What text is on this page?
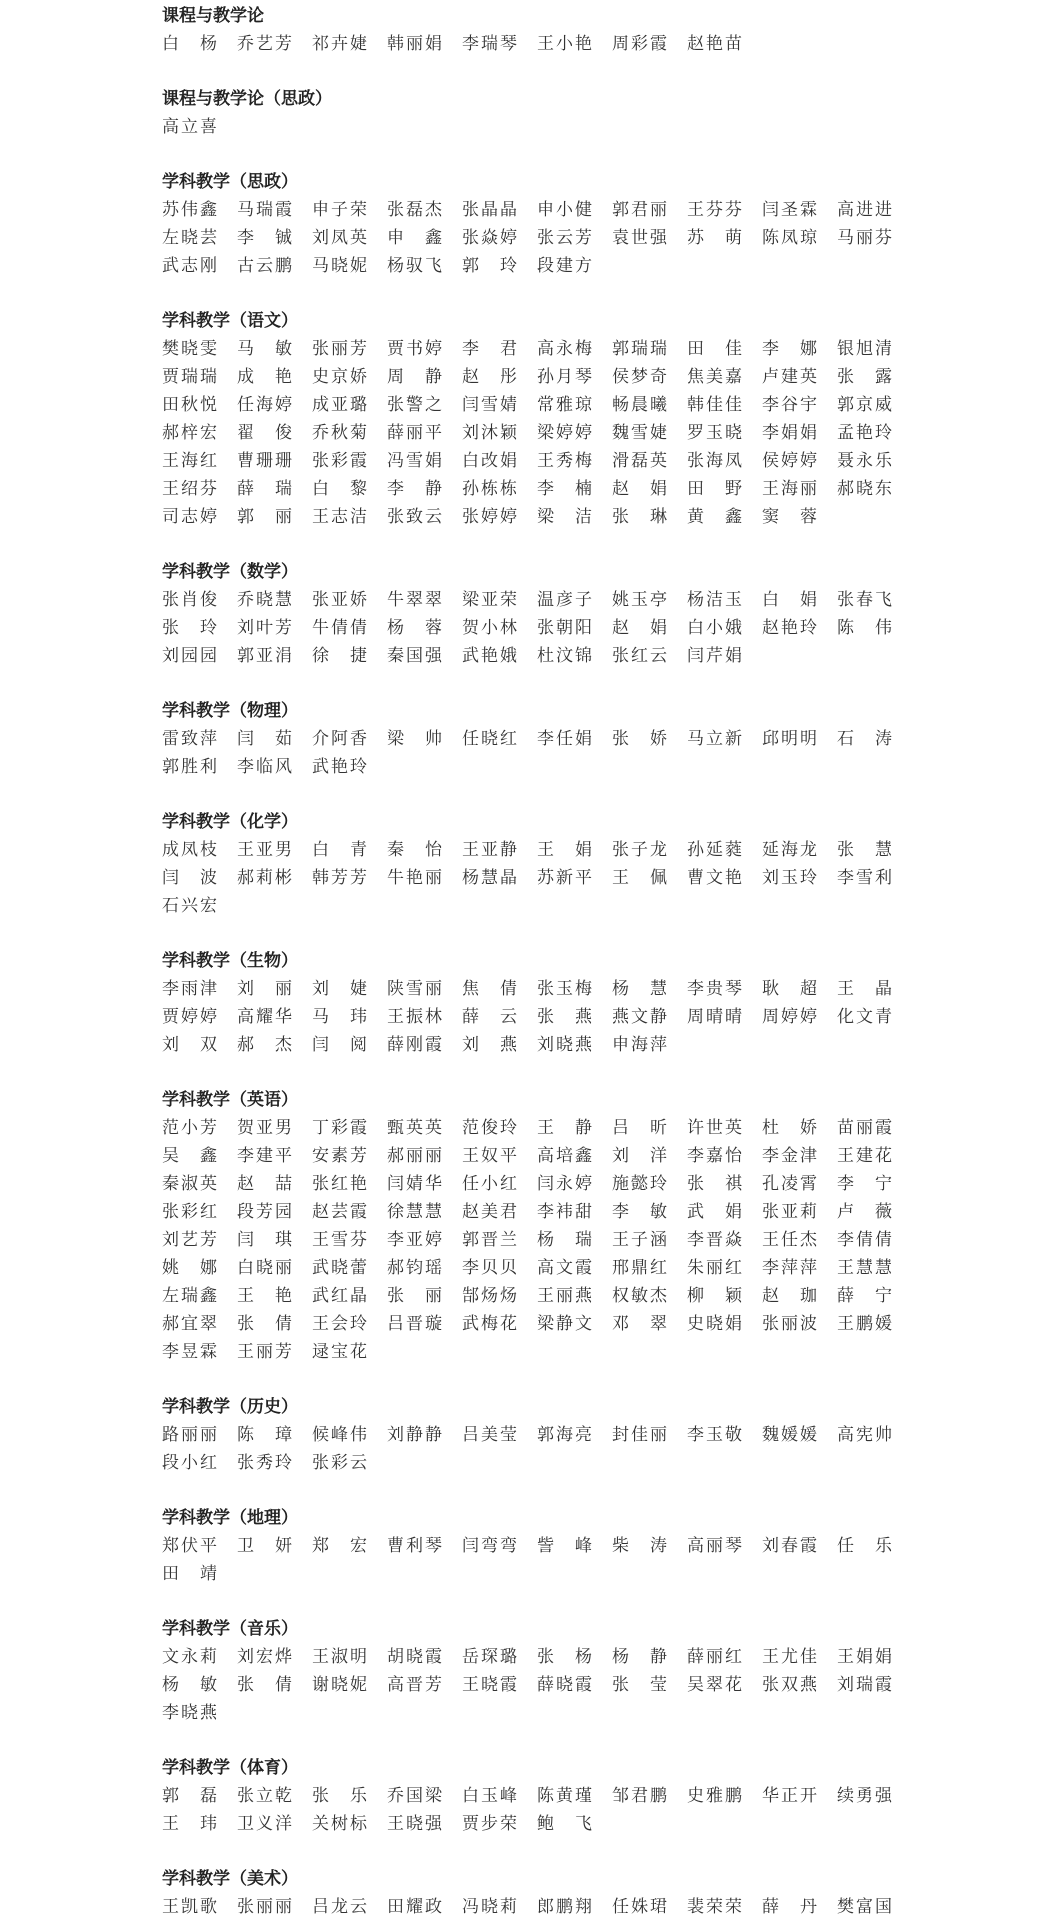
课程与教学论
白 杨 乔艺芳 祁卉婕 韩丽娟 李瑞琴 王小艳 周彩霞 赵艳苗
课程与教学论（思政）
高立喜
学科教学（思政）
苏伟鑫 马瑞霞 申子荣 张磊杰 张晶晶 申小健 郭君丽 王芬芬 闫圣霖 高进进
左晓芸 李 铖 刘凤英 申 鑫 张焱婷 张云芳 袁世强 苏 萌 陈凤琼 马丽芬
武志刚 古云鹏 马晓妮 杨驭飞 郭 玲 段建方
学科教学（语文）
樊晓雯 马 敏 张丽芳 贾书婷 李 君 高永梅 郭瑞瑞 田 佳 李 娜 银旭清
贾瑞瑞 成 艳 史京娇 周 静 赵 彤 孙月琴 侯梦奇 焦美嘉 卢建英 张 露
田秋悦 任海婷 成亚璐 张警之 闫雪婧 常雅琼 畅晨曦 韩佳佳 李谷宇 郭京威
郝梓宏 翟 俊 乔秋菊 薛丽平 刘沐颖 梁婷婷 魏雪婕 罗玉晓 李娟娟 孟艳玲
王海红 曹珊珊 张彩霞 冯雪娟 白改娟 王秀梅 滑磊英 张海凤 侯婷婷 聂永乐
王绍芬 薛 瑞 白 黎 李 静 孙栋栋 李 楠 赵 娟 田 野 王海丽 郝晓东
司志婷 郭 丽 王志洁 张致云 张婷婷 梁 洁 张 琳 黄 鑫 窦 蓉
学科教学（数学）
张肖俊 乔晓慧 张亚娇 牛翠翠 梁亚荣 温彦子 姚玉亭 杨洁玉 白 娟 张春飞
张 玲 刘叶芳 牛倩倩 杨 蓉 贺小林 张朝阳 赵 娟 白小娥 赵艳玲 陈 伟
刘园园 郭亚涓 徐 捷 秦国强 武艳娥 杜汶锦 张红云 闫芹娟
学科教学（物理）
雷致萍 闫 茹 介阿香 梁 帅 任晓红 李任娟 张 娇 马立新 邱明明 石 涛
郭胜利 李临风 武艳玲
学科教学（化学）
成凤枝 王亚男 白 青 秦 怡 王亚静 王 娟 张子龙 孙延蕤 延海龙 张 慧
闫 波 郝莉彬 韩芳芳 牛艳丽 杨慧晶 苏新平 王 佩 曹文艳 刘玉玲 李雪利
石兴宏
学科教学（生物）
李雨津 刘 丽 刘 婕 陕雪丽 焦 倩 张玉梅 杨 慧 李贵琴 耿 超 王 晶
贾婷婷 高耀华 马 玮 王振林 薛 云 张 燕 燕文静 周晴晴 周婷婷 化文青
刘 双 郝 杰 闫 阅 薛刚霞 刘 燕 刘晓燕 申海萍
学科教学（英语）
范小芳 贺亚男 丁彩霞 甄英英 范俊玲 王 静 吕 昕 许世英 杜 娇 苗丽霞
吴 鑫 李建平 安素芳 郝丽丽 王奴平 高培鑫 刘 洋 李嘉怡 李金津 王建花
秦淑英 赵 喆 张红艳 闫婧华 任小红 闫永婷 施懿玲 张 祺 孔凌霄 李 宁
张彩红 段芳园 赵芸霞 徐慧慧 赵美君 李袆甜 李 敏 武 娟 张亚莉 卢 薇
刘艺芳 闫 琪 王雪芬 李亚婷 郭晋兰 杨 瑞 王子涵 李晋焱 王任杰 李倩倩
姚 娜 白晓丽 武晓蕾 郝钧瑶 李贝贝 高文霞 邢鼎红 朱丽红 李萍萍 王慧慧
左瑞鑫 王 艳 武红晶 张 丽 郜炀炀 王丽燕 权敏杰 柳 颖 赵 珈 薛 宁
郝宜翠 张 倩 王会玲 吕晋璇 武梅花 梁静文 邓 翠 史晓娟 张丽波 王鹏媛
李昱霖 王丽芳 逯宝花
学科教学（历史）
路丽丽 陈 璋 候峰伟 刘静静 吕美莹 郭海亮 封佳丽 李玉敬 魏媛媛 高宪帅
段小红 张秀玲 张彩云
学科教学（地理）
郑伏平 卫 妍 郑 宏 曹利琴 闫弯弯 訾 峰 柴 涛 高丽琴 刘春霞 任 乐
田 靖
学科教学（音乐）
文永莉 刘宏烨 王淑明 胡晓霞 岳琛璐 张 杨 杨 静 薛丽红 王尤佳 王娟娟
杨 敏 张 倩 谢晓妮 高晋芳 王晓霞 薛晓霞 张 莹 吴翠花 张双燕 刘瑞霞
李晓燕
学科教学（体育）
郭 磊 张立乾 张 乐 乔国梁 白玉峰 陈黄瑾 邹君鹏 史雅鹏 华正开 续勇强
王 玮 卫义洋 关树标 王晓强 贾步荣 鲍 飞
学科教学（美术）
王凯歌 张丽丽 吕龙云 田耀政 冯晓莉 郎鹏翔 任姝珺 裴荣荣 薛 丹 樊富国
